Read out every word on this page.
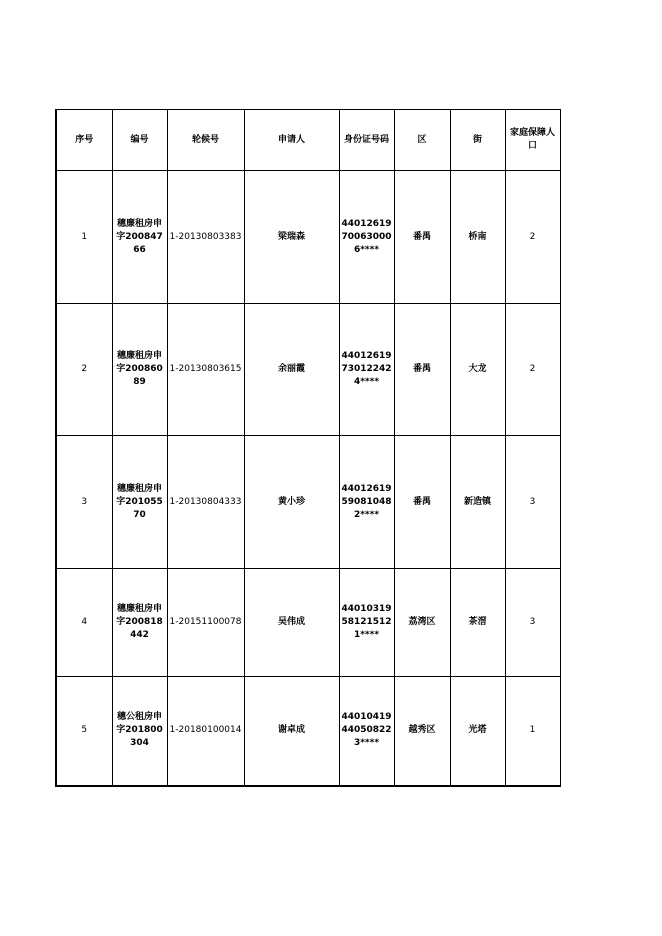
序号	编号	轮候号	申请人	身份证号码	区	街	家庭保障人口
1	穗廉租房申字20084766	1-20130803383	梁瑞森	44012619700630006****	番禺	桥南	2
2	穗廉租房申字20086089	1-20130803615	余丽霞	44012619730122424****	番禺	大龙	2
3	穗廉租房申字20105570	1-20130804333	黄小珍	44012619590810482****	番禺	新造镇	3
4	穗廉租房申字200818442	1-20151100078	吴伟成	44010319581215121****	荔湾区	茶滘	3
5	穗公租房申字201800304	1-20180100014	谢卓成	44010419440508223****	越秀区	光塔	1
